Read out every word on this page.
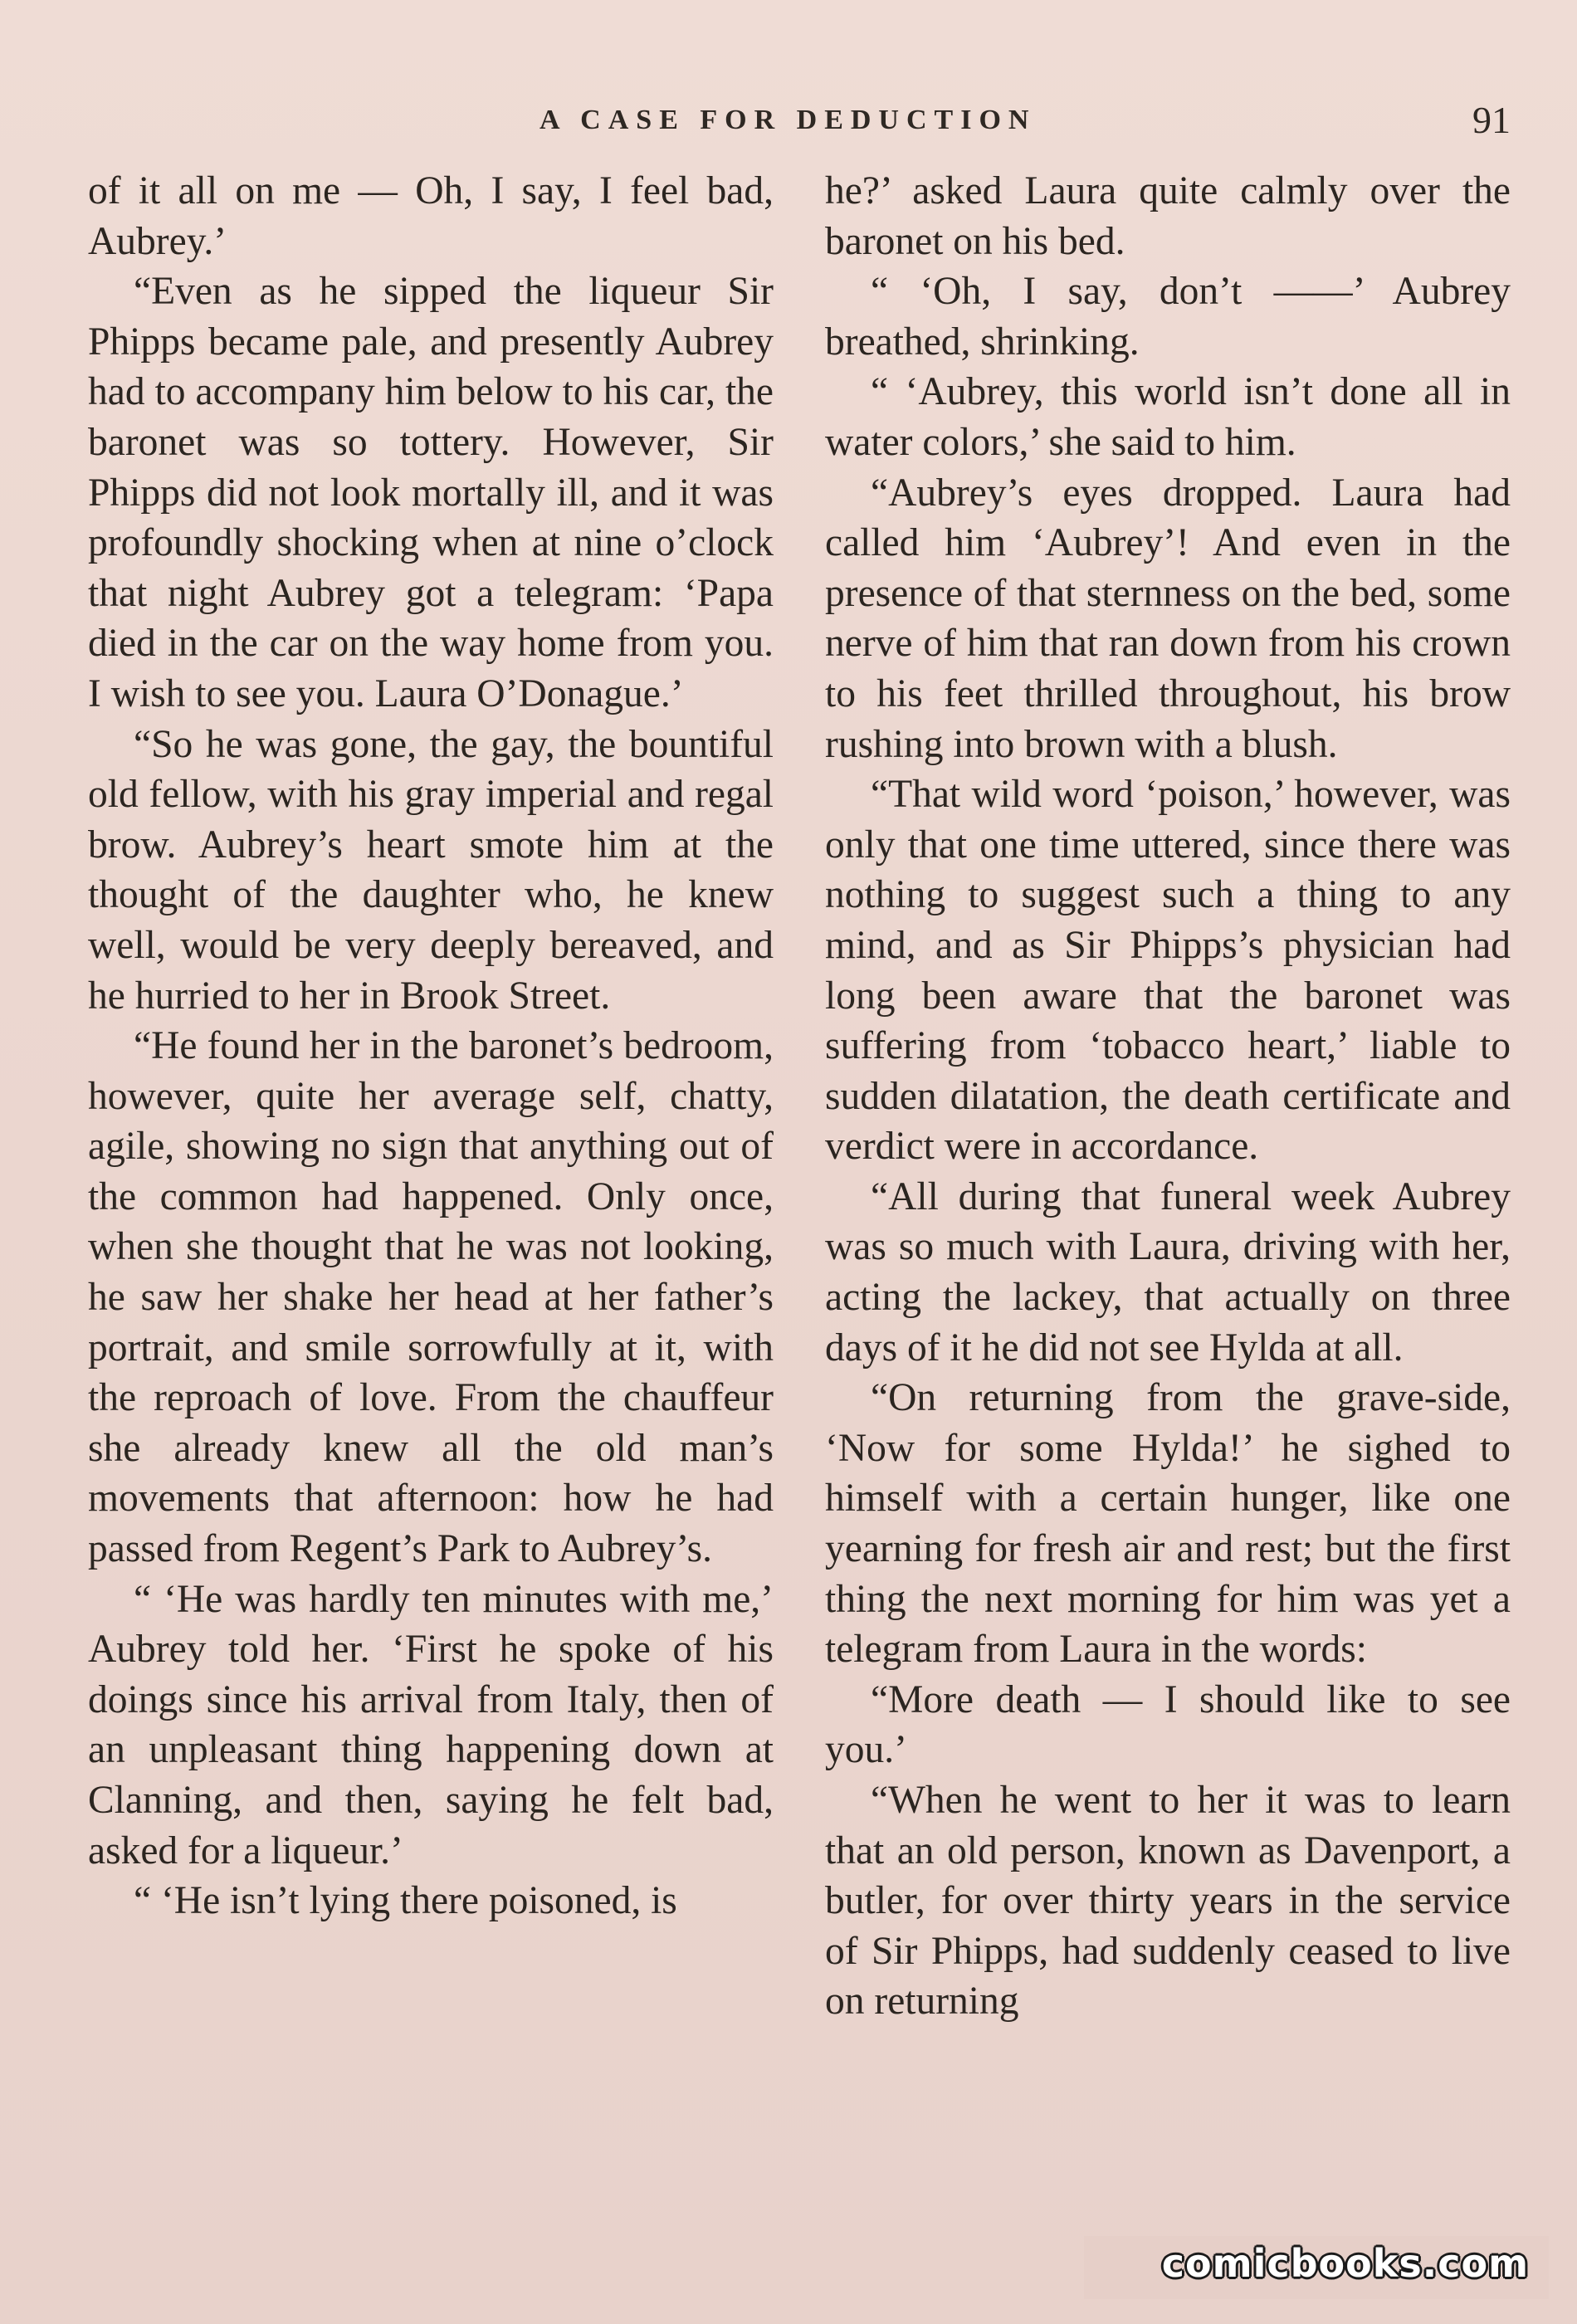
A CASE FOR DEDUCTION	91

of it all on me — Oh, I say, I feel bad, Aubrey.’

“Even as he sipped the liqueur Sir Phipps became pale, and presently Aubrey had to accompany him below to his car, the baronet was so tottery. However, Sir Phipps did not look mortally ill, and it was profoundly shocking when at nine o’clock that night Aubrey got a telegram: ‘Papa died in the car on the way home from you. I wish to see you. Laura O’Donague.’

“So he was gone, the gay, the bountiful old fellow, with his gray imperial and regal brow. Aubrey’s heart smote him at the thought of the daughter who, he knew well, would be very deeply bereaved, and he hurried to her in Brook Street.

“He found her in the baronet’s bedroom, however, quite her average self, chatty, agile, showing no sign that anything out of the common had happened. Only once, when she thought that he was not looking, he saw her shake her head at her father’s portrait, and smile sorrowfully at it, with the reproach of love. From the chauffeur she already knew all the old man’s movements that afternoon: how he had passed from Regent’s Park to Aubrey’s.

“ ‘He was hardly ten minutes with me,’ Aubrey told her. ‘First he spoke of his doings since his arrival from Italy, then of an unpleasant thing happening down at Clanning, and then, saying he felt bad, asked for a liqueur.’

“ ‘He isn’t lying there poisoned, is

he?’ asked Laura quite calmly over the baronet on his bed.

“ ‘Oh, I say, don’t ——’ Aubrey breathed, shrinking.

“ ‘Aubrey, this world isn’t done all in water colors,’ she said to him.

“Aubrey’s eyes dropped. Laura had called him ‘Aubrey’! And even in the presence of that sternness on the bed, some nerve of him that ran down from his crown to his feet thrilled throughout, his brow rushing into brown with a blush.

“That wild word ‘poison,’ however, was only that one time uttered, since there was nothing to suggest such a thing to any mind, and as Sir Phipps’s physician had long been aware that the baronet was suffering from ‘tobacco heart,’ liable to sudden dilatation, the death certificate and verdict were in accordance.

“All during that funeral week Aubrey was so much with Laura, driving with her, acting the lackey, that actually on three days of it he did not see Hylda at all.

“On returning from the grave-side, ‘Now for some Hylda!’ he sighed to himself with a certain hunger, like one yearning for fresh air and rest; but the first thing the next morning for him was yet a telegram from Laura in the words:

“More death — I should like to see you.’

“When he went to her it was to learn that an old person, known as Davenport, a butler, for over thirty years in the service of Sir Phipps, had suddenly ceased to live on returning

comicbooks.com
